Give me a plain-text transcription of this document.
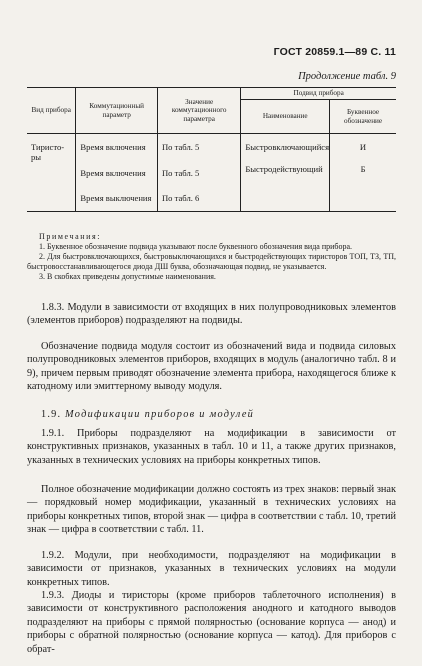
ГОСТ 20859.1—89 С. 11
Продолжение табл. 9
Вид прибора	Коммутационный параметр	Значение коммутационного параметра	Подвид прибора	
			Наименование	Буквенное обозначение

Тиристо-
ры	Время включения	По табл. 5	Быстровключающийся	И
	Время включения	По табл. 5	Быстродействующий	Б
	Время выключения	По табл. 6		
Примечания:

1. Буквенное обозначение подвида указывают после буквенного обозначения вида прибора.

2. Для быстровключающихся, быстровыключающихся и быстродействующих тиристоров ТОП, ТЗ, ТП, быстровосстанавливающегося диода ДШ буква, обозначающая подвид, не указывается.

3. В скобках приведены допустимые наименования.

1.8.3. Модули в зависимости от входящих в них полупроводниковых элементов (элементов приборов) подразделяют на подвиды.

Обозначение подвида модуля состоит из обозначений вида и подвида силовых полупроводниковых элементов приборов, входящих в модуль (аналогично табл. 8 и 9), причем первым приводят обозначение элемента прибора, находящегося ближе к катодному или эмиттерному выводу модуля.

1.9. Модификации приборов и модулей

1.9.1. Приборы подразделяют на модификации в зависимости от конструктивных признаков, указанных в табл. 10 и 11, а также других признаков, указанных в технических условиях на приборы конкретных типов.

Полное обозначение модификации должно состоять из трех знаков: первый знак — порядковый номер модификации, указанный в технических условиях на приборы конкретных типов, второй знак — цифра в соответствии с табл. 10, третий знак — цифра в соответствии с табл. 11.

1.9.2. Модули, при необходимости, подразделяют на модификации в зависимости от признаков, указанных в технических условиях на модули конкретных типов.

1.9.3. Диоды и тиристоры (кроме приборов таблеточного исполнения) в зависимости от конструктивного расположения анодного и катодного выводов подразделяют на приборы с прямой полярностью (основание корпуса — анод) и приборы с обратной полярностью (основание корпуса — катод). Для приборов с обрат-
